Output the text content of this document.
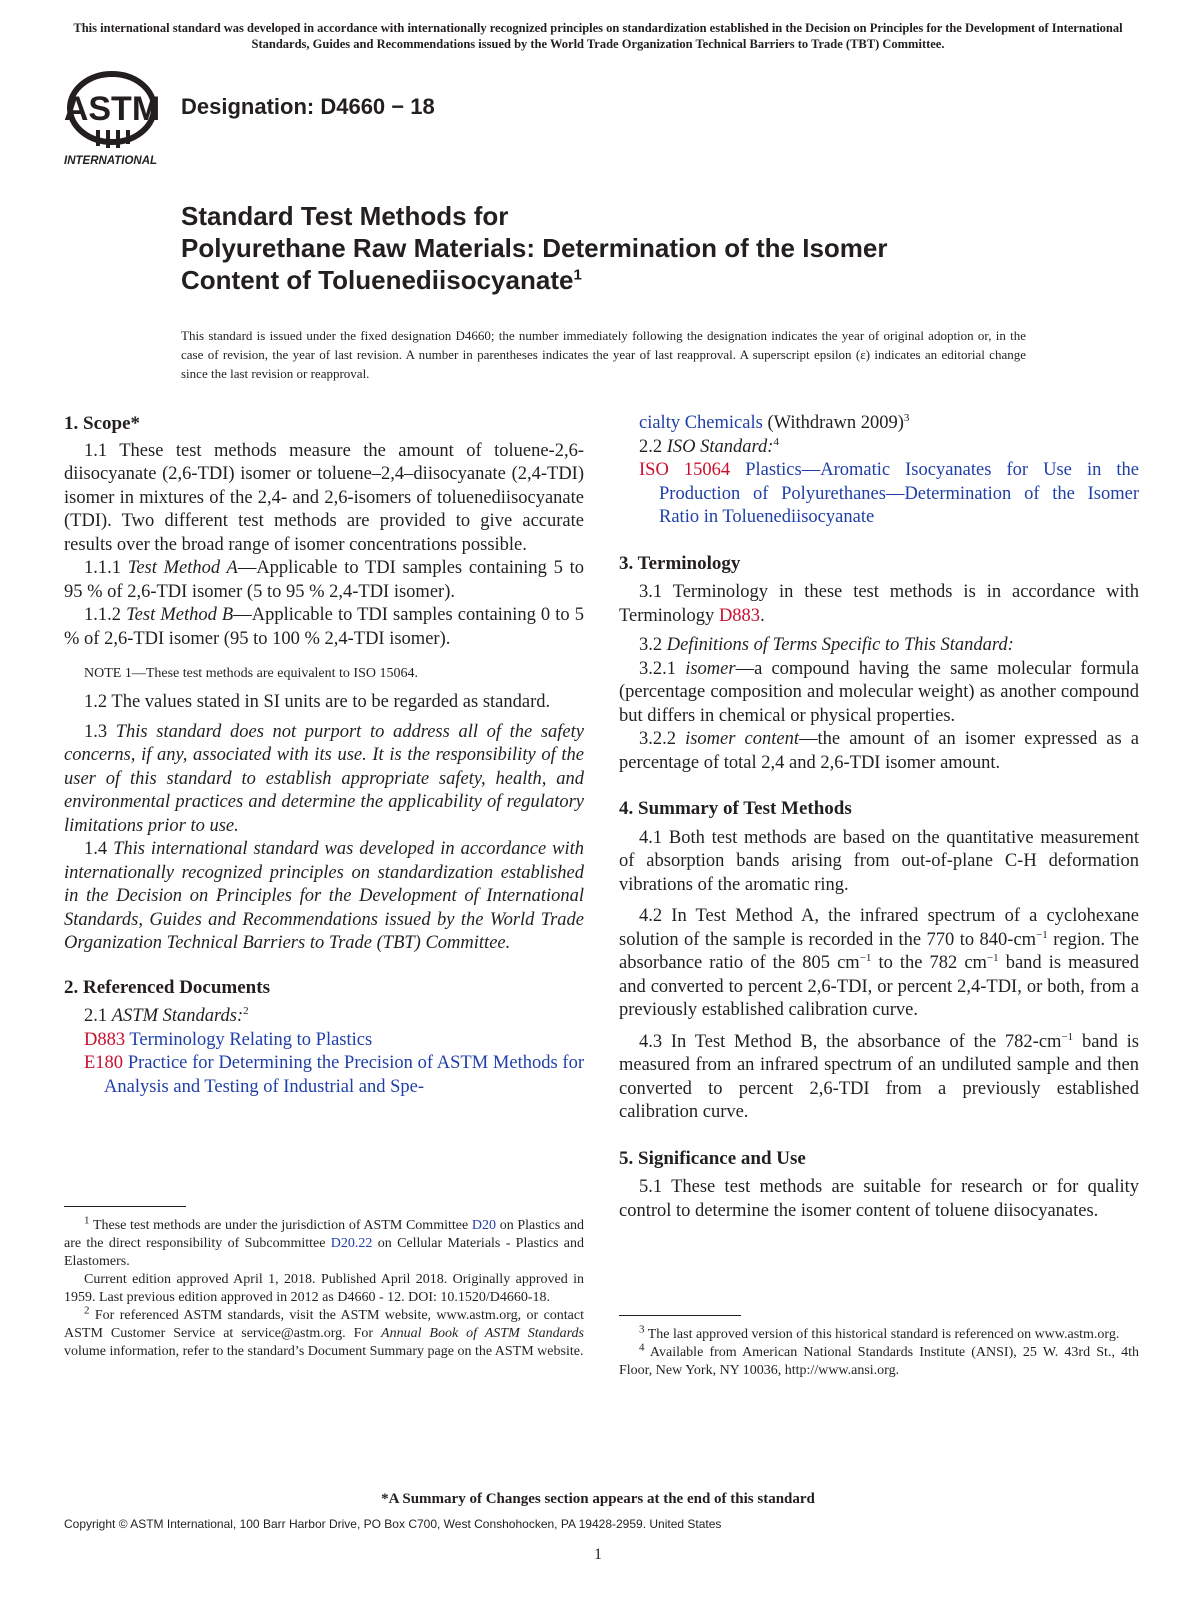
This international standard was developed in accordance with internationally recognized principles on standardization established in the Decision on Principles for the Development of International Standards, Guides and Recommendations issued by the World Trade Organization Technical Barriers to Trade (TBT) Committee.
ASTM
INTERNATIONAL
Designation: D4660 − 18
Standard Test Methods for
Polyurethane Raw Materials: Determination of the Isomer
Content of Toluenediisocyanate$^1$
This standard is issued under the fixed designation D4660; the number immediately following the designation indicates the year of original adoption or, in the case of revision, the year of last revision. A number in parentheses indicates the year of last reapproval. A superscript epsilon (ε) indicates an editorial change since the last revision or reapproval.
1. Scope*
1.1 These test methods measure the amount of toluene-2,6-diisocyanate (2,6-TDI) isomer or toluene–2,4–diisocyanate (2,4-TDI) isomer in mixtures of the 2,4- and 2,6-isomers of toluenediisocyanate (TDI). Two different test methods are provided to give accurate results over the broad range of isomer concentrations possible.
1.1.1 Test Method A—Applicable to TDI samples containing 5 to 95 % of 2,6-TDI isomer (5 to 95 % 2,4-TDI isomer).
1.1.2 Test Method B—Applicable to TDI samples containing 0 to 5 % of 2,6-TDI isomer (95 to 100 % 2,4-TDI isomer).
NOTE 1—These test methods are equivalent to ISO 15064.
1.2 The values stated in SI units are to be regarded as standard.
1.3 This standard does not purport to address all of the safety concerns, if any, associated with its use. It is the responsibility of the user of this standard to establish appropriate safety, health, and environmental practices and determine the applicability of regulatory limitations prior to use.
1.4 This international standard was developed in accordance with internationally recognized principles on standardization established in the Decision on Principles for the Development of International Standards, Guides and Recommendations issued by the World Trade Organization Technical Barriers to Trade (TBT) Committee.
2. Referenced Documents
2.1 ASTM Standards:$^2$
D883 Terminology Relating to Plastics
E180 Practice for Determining the Precision of ASTM Methods for Analysis and Testing of Industrial and Spe-
$^1$ These test methods are under the jurisdiction of ASTM Committee D20 on Plastics and are the direct responsibility of Subcommittee D20.22 on Cellular Materials - Plastics and Elastomers.
Current edition approved April 1, 2018. Published April 2018. Originally approved in 1959. Last previous edition approved in 2012 as D4660 - 12. DOI: 10.1520/D4660-18.
$^2$ For referenced ASTM standards, visit the ASTM website, www.astm.org, or contact ASTM Customer Service at service@astm.org. For Annual Book of ASTM Standards volume information, refer to the standard’s Document Summary page on the ASTM website.
cialty Chemicals (Withdrawn 2009)$^3$
2.2 ISO Standard:$^4$
ISO 15064 Plastics—Aromatic Isocyanates for Use in the Production of Polyurethanes—Determination of the Isomer Ratio in Toluenediisocyanate
3. Terminology
3.1 Terminology in these test methods is in accordance with Terminology D883.
3.2 Definitions of Terms Specific to This Standard:
3.2.1 isomer—a compound having the same molecular formula (percentage composition and molecular weight) as another compound but differs in chemical or physical properties.
3.2.2 isomer content—the amount of an isomer expressed as a percentage of total 2,4 and 2,6-TDI isomer amount.
4. Summary of Test Methods
4.1 Both test methods are based on the quantitative measurement of absorption bands arising from out-of-plane C-H deformation vibrations of the aromatic ring.
4.2 In Test Method A, the infrared spectrum of a cyclohexane solution of the sample is recorded in the 770 to $840-cm^{-1}$ region. The absorbance ratio of the 805 $cm^{-1}$ to the 782 $cm^{-1}$ band is measured and converted to percent 2,6-TDI, or percent 2,4-TDI, or both, from a previously established calibration curve.
4.3 In Test Method B, the absorbance of the $782-cm^{-1}$ band is measured from an infrared spectrum of an undiluted sample and then converted to percent 2,6-TDI from a previously established calibration curve.
5. Significance and Use
5.1 These test methods are suitable for research or for quality control to determine the isomer content of toluene diisocyanates.
$^3$ The last approved version of this historical standard is referenced on www.astm.org.
$^4$ Available from American National Standards Institute (ANSI), 25 W. 43rd St., 4th Floor, New York, NY 10036, http://www.ansi.org.
*A Summary of Changes section appears at the end of this standard
Copyright © ASTM International, 100 Barr Harbor Drive, PO Box C700, West Conshohocken, PA 19428-2959. United States
1
